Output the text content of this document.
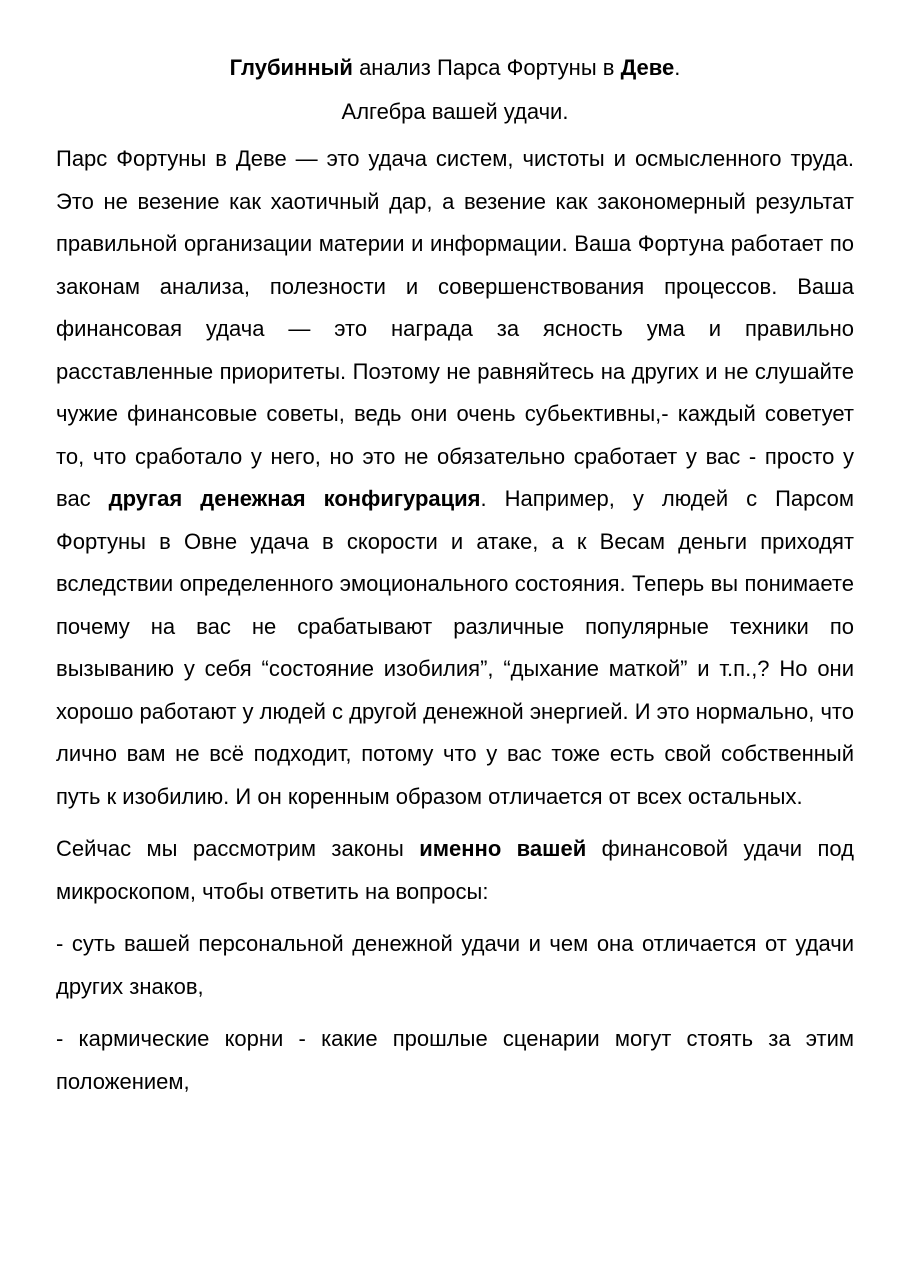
Глубинный анализ Парса Фортуны в Деве.

Алгебра вашей удачи.

Парс Фортуны в Деве — это удача систем, чистоты и осмысленного труда. Это не везение как хаотичный дар, а везение как закономерный результат правильной организации материи и информации. Ваша Фортуна работает по законам анализа, полезности и совершенствования процессов. Ваша финансовая удача — это награда за ясность ума и правильно расставленные приоритеты. Поэтому не равняйтесь на других и не слушайте чужие финансовые советы, ведь они очень субьективны,- каждый советует то, что сработало у него, но это не обязательно сработает у вас - просто у вас другая денежная конфигурация. Например, у людей с Парсом Фортуны в Овне удача в скорости и атаке, а к Весам деньги приходят вследствии определенного эмоционального состояния. Теперь вы понимаете почему на вас не срабатывают различные популярные техники по вызыванию у себя “состояние изобилия”, “дыхание маткой” и т.п.,? Но они хорошо работают у людей с другой денежной энергией. И это нормально, что лично вам не всё подходит, потому что у вас тоже есть свой собственный путь к изобилию. И он коренным образом отличается от всех остальных.

Сейчас мы рассмотрим законы именно вашей финансовой удачи под микроскопом, чтобы ответить на вопросы:

- суть вашей персональной денежной удачи и чем она отличается от удачи других знаков,

- кармические корни - какие прошлые сценарии могут стоять за этим положением,
